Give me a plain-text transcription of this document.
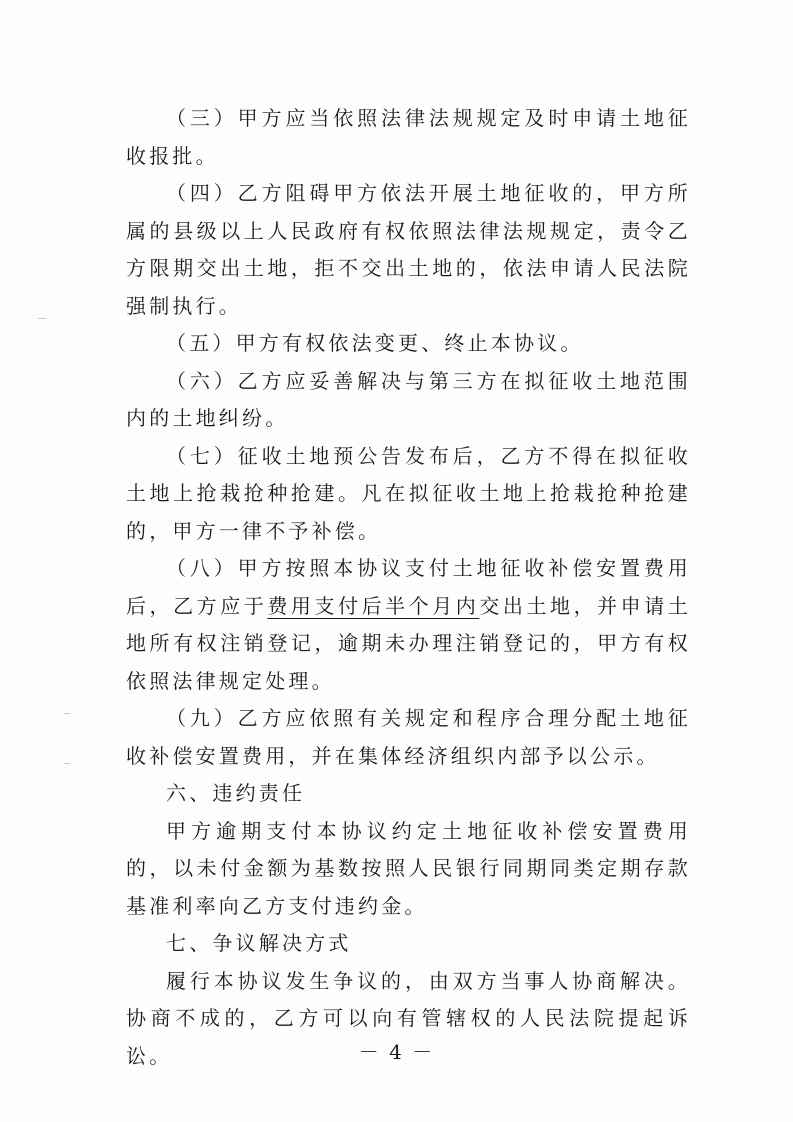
（三）甲方应当依照法律法规规定及时申请土地征收报批。

（四）乙方阻碍甲方依法开展土地征收的，甲方所属的县级以上人民政府有权依照法律法规规定，责令乙方限期交出土地，拒不交出土地的，依法申请人民法院强制执行。

（五）甲方有权依法变更、终止本协议。

（六）乙方应妥善解决与第三方在拟征收土地范围内的土地纠纷。

（七）征收土地预公告发布后，乙方不得在拟征收土地上抢栽抢种抢建。凡在拟征收土地上抢栽抢种抢建的，甲方一律不予补偿。

（八）甲方按照本协议支付土地征收补偿安置费用后，乙方应于费用支付后半个月内交出土地，并申请土地所有权注销登记，逾期未办理注销登记的，甲方有权依照法律规定处理。

（九）乙方应依照有关规定和程序合理分配土地征收补偿安置费用，并在集体经济组织内部予以公示。

六、违约责任

甲方逾期支付本协议约定土地征收补偿安置费用的，以未付金额为基数按照人民银行同期同类定期存款基准利率向乙方支付违约金。

七、争议解决方式

履行本协议发生争议的，由双方当事人协商解决。协商不成的，乙方可以向有管辖权的人民法院提起诉讼。	－ 4 －
